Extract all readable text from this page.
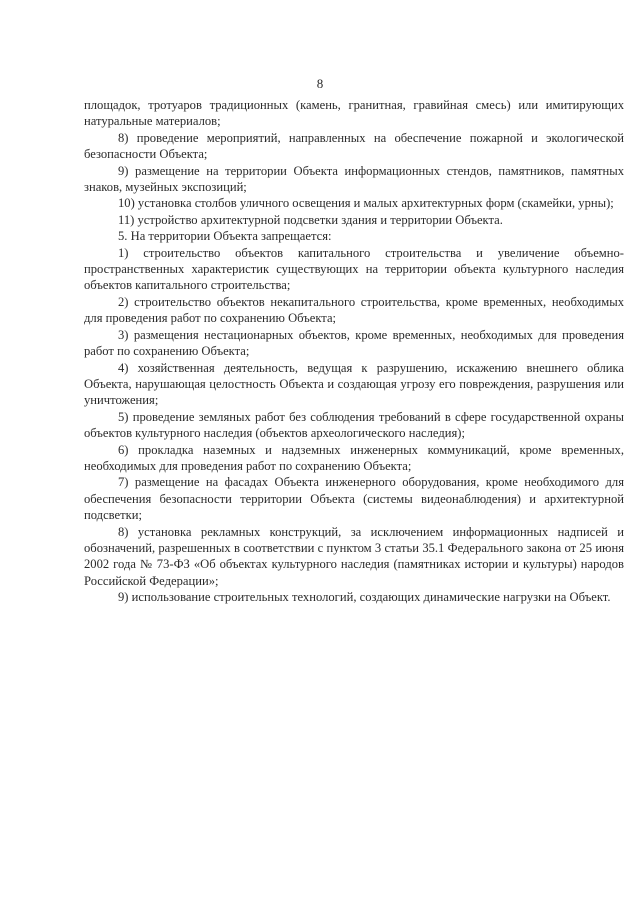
8

площадок, тротуаров традиционных (камень, гранитная, гравийная смесь) или имитирующих натуральные материалов;

8) проведение мероприятий, направленных на обеспечение пожарной и экологической безопасности Объекта;

9) размещение на территории Объекта информационных стендов, памятников, памятных знаков, музейных экспозиций;

10) установка столбов уличного освещения и малых архитектурных форм (скамейки, урны);

11) устройство архитектурной подсветки здания и территории Объекта.

5. На территории Объекта запрещается:

1) строительство объектов капитального строительства и увеличение объемно-пространственных характеристик существующих на территории объекта культурного наследия объектов капитального строительства;

2) строительство объектов некапитального строительства, кроме временных, необходимых для проведения работ по сохранению Объекта;

3) размещения нестационарных объектов, кроме временных, необходимых для проведения работ по сохранению Объекта;

4) хозяйственная деятельность, ведущая к разрушению, искажению внешнего облика Объекта, нарушающая целостность Объекта и создающая угрозу его повреждения, разрушения или уничтожения;

5) проведение земляных работ без соблюдения требований в сфере государственной охраны объектов культурного наследия (объектов археологического наследия);

6) прокладка наземных и надземных инженерных коммуникаций, кроме временных, необходимых для проведения работ по сохранению Объекта;

7) размещение на фасадах Объекта инженерного оборудования, кроме необходимого для обеспечения безопасности территории Объекта (системы видеонаблюдения) и архитектурной подсветки;

8) установка рекламных конструкций, за исключением информационных надписей и обозначений, разрешенных в соответствии с пунктом 3 статьи 35.1 Федерального закона от 25 июня 2002 года № 73-ФЗ «Об объектах культурного наследия (памятниках истории и культуры) народов Российской Федерации»;

9) использование строительных технологий, создающих динамические нагрузки на Объект.
